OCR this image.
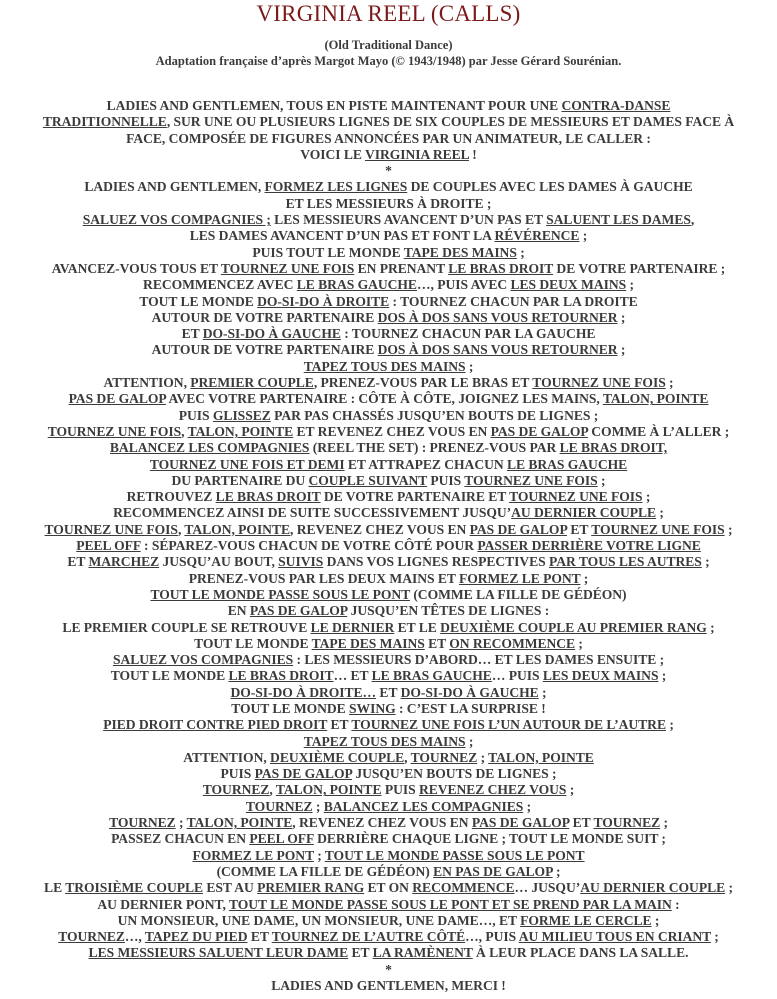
VIRGINIA REEL (CALLS)
(Old Traditional Dance)
Adaptation française d’après Margot Mayo (© 1943/1948) par Jesse Gérard Sourénian.
LADIES AND GENTLEMEN, TOUS EN PISTE MAINTENANT POUR UNE CONTRA-DANSE
TRADITIONNELLE, SUR UNE OU PLUSIEURS LIGNES DE SIX COUPLES DE MESSIEURS ET DAMES FACE À
FACE, COMPOSÉE DE FIGURES ANNONCÉES PAR UN ANIMATEUR, LE CALLER :
VOICI LE VIRGINIA REEL !
*
LADIES AND GENTLEMEN, FORMEZ LES LIGNES DE COUPLES AVEC LES DAMES À GAUCHE
ET LES MESSIEURS À DROITE ;
SALUEZ VOS COMPAGNIES ; LES MESSIEURS AVANCENT D’UN PAS ET SALUENT LES DAMES,
LES DAMES AVANCENT D’UN PAS ET FONT LA RÉVÉRENCE ;
PUIS TOUT LE MONDE TAPE DES MAINS ;
AVANCEZ-VOUS TOUS ET TOURNEZ UNE FOIS EN PRENANT LE BRAS DROIT DE VOTRE PARTENAIRE ;
RECOMMENCEZ AVEC LE BRAS GAUCHE…, PUIS AVEC LES DEUX MAINS ;
TOUT LE MONDE DO-SI-DO À DROITE : TOURNEZ CHACUN PAR LA DROITE
AUTOUR DE VOTRE PARTENAIRE DOS À DOS SANS VOUS RETOURNER ;
ET DO-SI-DO À GAUCHE : TOURNEZ CHACUN PAR LA GAUCHE
AUTOUR DE VOTRE PARTENAIRE DOS À DOS SANS VOUS RETOURNER ;
TAPEZ TOUS DES MAINS ;
ATTENTION, PREMIER COUPLE, PRENEZ-VOUS PAR LE BRAS ET TOURNEZ UNE FOIS ;
PAS DE GALOP AVEC VOTRE PARTENAIRE : CÔTE À CÔTE, JOIGNEZ LES MAINS, TALON, POINTE
PUIS GLISSEZ PAR PAS CHASSÉS JUSQU’EN BOUTS DE LIGNES ;
TOURNEZ UNE FOIS, TALON, POINTE ET REVENEZ CHEZ VOUS EN PAS DE GALOP COMME À L’ALLER ;
BALANCEZ LES COMPAGNIES (REEL THE SET) : PRENEZ-VOUS PAR LE BRAS DROIT,
TOURNEZ UNE FOIS ET DEMI ET ATTRAPEZ CHACUN LE BRAS GAUCHE
DU PARTENAIRE DU COUPLE SUIVANT PUIS TOURNEZ UNE FOIS ;
RETROUVEZ LE BRAS DROIT DE VOTRE PARTENAIRE ET TOURNEZ UNE FOIS ;
RECOMMENCEZ AINSI DE SUITE SUCCESSIVEMENT JUSQU’AU DERNIER COUPLE ;
TOURNEZ UNE FOIS, TALON, POINTE, REVENEZ CHEZ VOUS EN PAS DE GALOP ET TOURNEZ UNE FOIS ;
PEEL OFF : SÉPAREZ-VOUS CHACUN DE VOTRE CÔTÉ POUR PASSER DERRIÈRE VOTRE LIGNE
ET MARCHEZ JUSQU’AU BOUT, SUIVIS DANS VOS LIGNES RESPECTIVES PAR TOUS LES AUTRES ;
PRENEZ-VOUS PAR LES DEUX MAINS ET FORMEZ LE PONT ;
TOUT LE MONDE PASSE SOUS LE PONT (COMME LA FILLE DE GÉDÉON)
EN PAS DE GALOP JUSQU’EN TÊTES DE LIGNES :
LE PREMIER COUPLE SE RETROUVE LE DERNIER ET LE DEUXIÈME COUPLE AU PREMIER RANG ;
TOUT LE MONDE TAPE DES MAINS ET ON RECOMMENCE ;
SALUEZ VOS COMPAGNIES : LES MESSIEURS D’ABORD… ET LES DAMES ENSUITE ;
TOUT LE MONDE LE BRAS DROIT… ET LE BRAS GAUCHE… PUIS LES DEUX MAINS ;
DO-SI-DO À DROITE… ET DO-SI-DO À GAUCHE ;
TOUT LE MONDE SWING : C’EST LA SURPRISE !
PIED DROIT CONTRE PIED DROIT ET TOURNEZ UNE FOIS L’UN AUTOUR DE L’AUTRE ;
TAPEZ TOUS DES MAINS ;
ATTENTION, DEUXIÈME COUPLE, TOURNEZ ; TALON, POINTE
PUIS PAS DE GALOP JUSQU’EN BOUTS DE LIGNES ;
TOURNEZ, TALON, POINTE PUIS REVENEZ CHEZ VOUS ;
TOURNEZ ; BALANCEZ LES COMPAGNIES ;
TOURNEZ ; TALON, POINTE, REVENEZ CHEZ VOUS EN PAS DE GALOP ET TOURNEZ ;
PASSEZ CHACUN EN PEEL OFF DERRIÈRE CHAQUE LIGNE ; TOUT LE MONDE SUIT ;
FORMEZ LE PONT ; TOUT LE MONDE PASSE SOUS LE PONT
(COMME LA FILLE DE GÉDÉON) EN PAS DE GALOP ;
LE TROISIÈME COUPLE EST AU PREMIER RANG ET ON RECOMMENCE… JUSQU’AU DERNIER COUPLE ;
AU DERNIER PONT, TOUT LE MONDE PASSE SOUS LE PONT ET SE PREND PAR LA MAIN :
UN MONSIEUR, UNE DAME, UN MONSIEUR, UNE DAME…, ET FORME LE CERCLE ;
TOURNEZ…, TAPEZ DU PIED ET TOURNEZ DE L’AUTRE CÔTÉ…, PUIS AU MILIEU TOUS EN CRIANT ;
LES MESSIEURS SALUENT LEUR DAME ET LA RAMÈNENT À LEUR PLACE DANS LA SALLE.
*
LADIES AND GENTLEMEN, MERCI !
